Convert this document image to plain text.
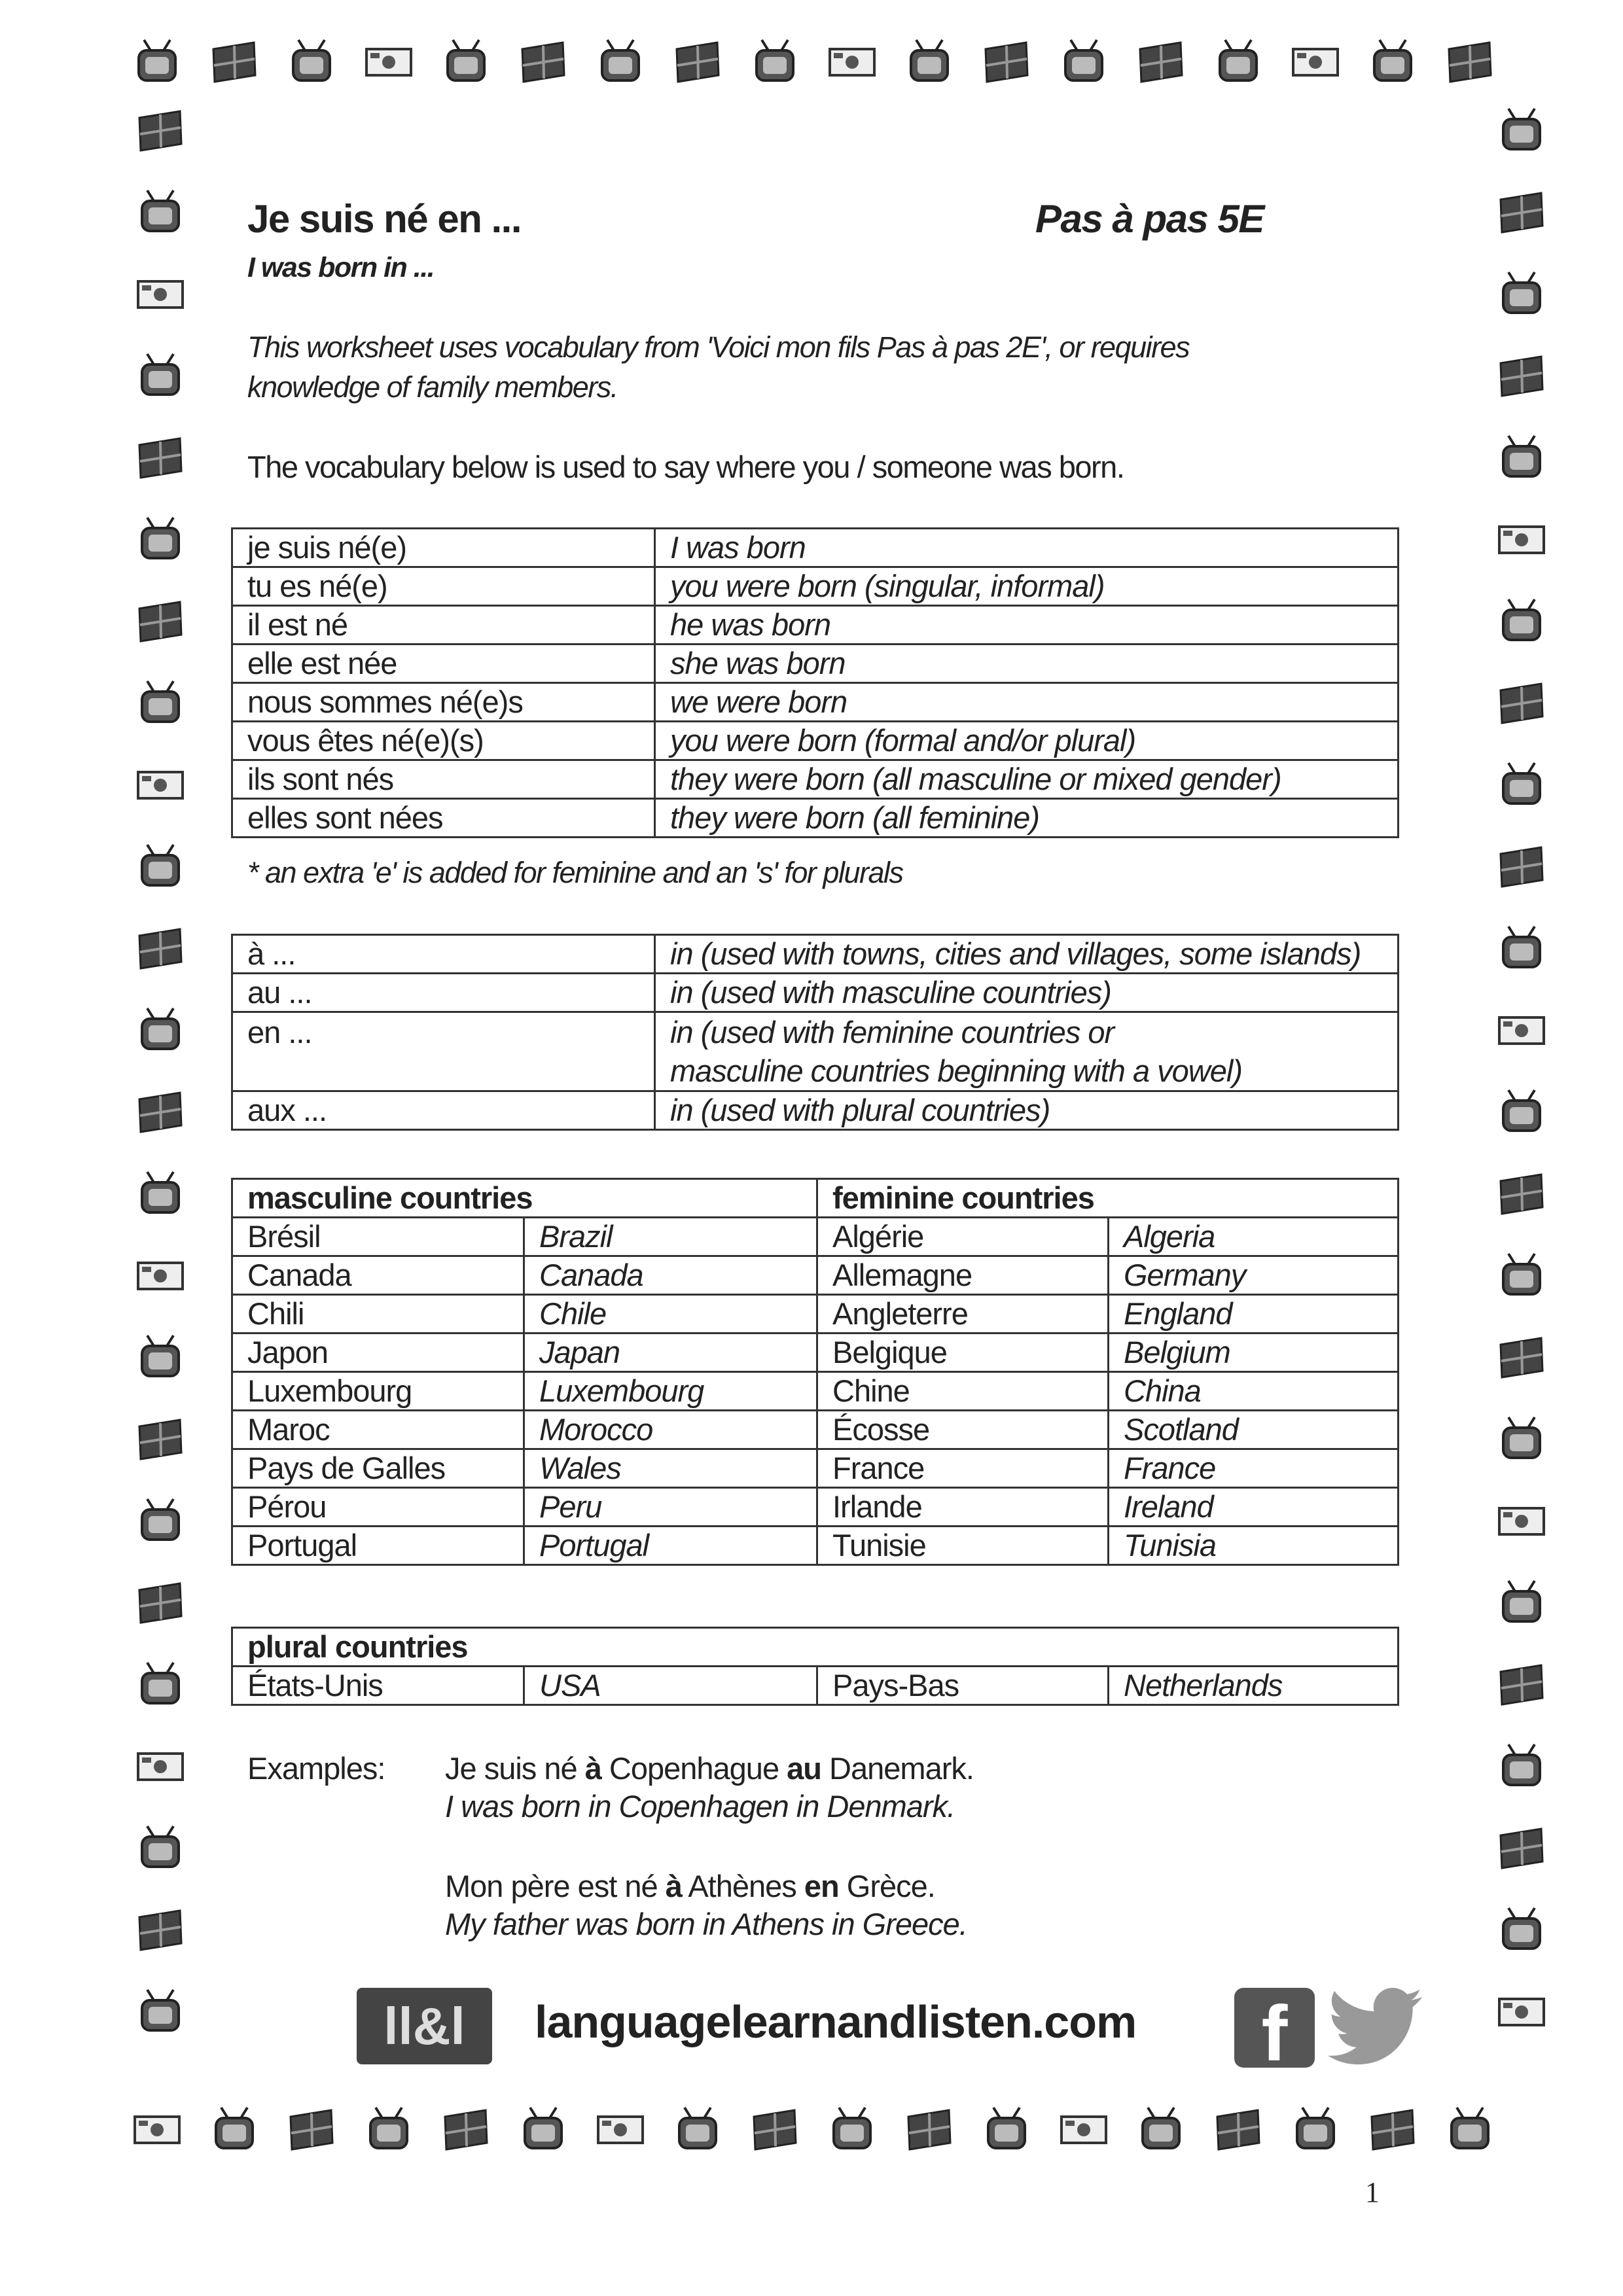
Je suis né en ...	Pas à pas 5E
I was born in ...
This worksheet uses vocabulary from 'Voici mon fils Pas à pas 2E', or requires
knowledge of family members.
The vocabulary below is used to say where you / someone was born.
je suis né(e)	I was born
tu es né(e)	you were born (singular, informal)
il est né	he was born
elle est née	she was born
nous sommes né(e)s	we were born
vous êtes né(e)(s)	you were born (formal and/or plural)
ils sont nés	they were born (all masculine or mixed gender)
elles sont nées	they were born (all feminine)
* an extra 'e' is added for feminine and an 's' for plurals
à ...	in (used with towns, cities and villages, some islands)
au ...	in (used with masculine countries)
en ...	in (used with feminine countries or
masculine countries beginning with a vowel)
aux ...	in (used with plural countries)
masculine countries		feminine countries	
Brésil	Brazil	Algérie	Algeria
Canada	Canada	Allemagne	Germany
Chili	Chile	Angleterre	England
Japon	Japan	Belgique	Belgium
Luxembourg	Luxembourg	Chine	China
Maroc	Morocco	Écosse	Scotland
Pays de Galles	Wales	France	France
Pérou	Peru	Irlande	Ireland
Portugal	Portugal	Tunisie	Tunisia
plural countries
États-Unis	USA	Pays-Bas	Netherlands
Examples: Je suis né à Copenhague au Danemark.
I was born in Copenhagen in Denmark.
Mon père est né à Athènes en Grèce.
My father was born in Athens in Greece.
ll&l	languagelearnandlisten.com	f
1
